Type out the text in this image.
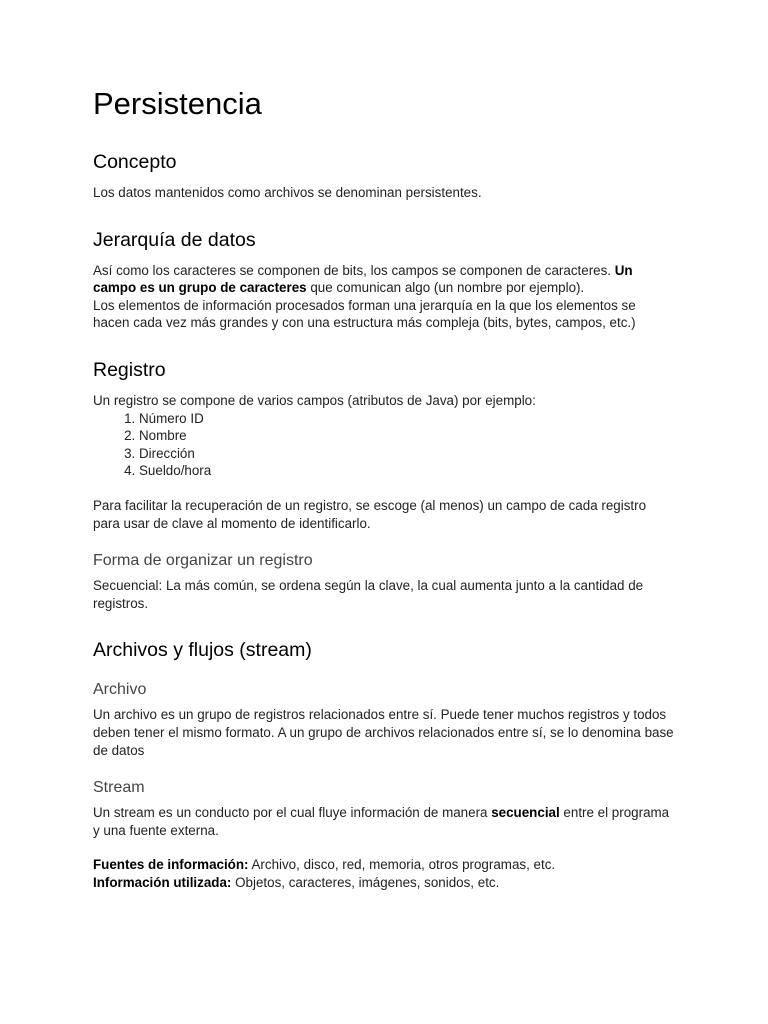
Persistencia
Concepto

Los datos mantenidos como archivos se denominan persistentes.

Jerarquía de datos

Así como los caracteres se componen de bits, los campos se componen de caracteres. Un campo es un grupo de caracteres que comunican algo (un nombre por ejemplo).

Los elementos de información procesados forman una jerarquía en la que los elementos se hacen cada vez más grandes y con una estructura más compleja (bits, bytes, campos, etc.)

Registro

Un registro se compone de varios campos (atributos de Java) por ejemplo:

1. Número ID
2. Nombre
3. Dirección
4. Sueldo/hora

Para facilitar la recuperación de un registro, se escoge (al menos) un campo de cada registro para usar de clave al momento de identificarlo.

Forma de organizar un registro

Secuencial: La más común, se ordena según la clave, la cual aumenta junto a la cantidad de registros.

Archivos y flujos (stream)
Archivo

Un archivo es un grupo de registros relacionados entre sí. Puede tener muchos registros y todos deben tener el mismo formato. A un grupo de archivos relacionados entre sí, se lo denomina base de datos

Stream

Un stream es un conducto por el cual fluye información de manera secuencial entre el programa y una fuente externa.

Fuentes de información: Archivo, disco, red, memoria, otros programas, etc.

Información utilizada: Objetos, caracteres, imágenes, sonidos, etc.
